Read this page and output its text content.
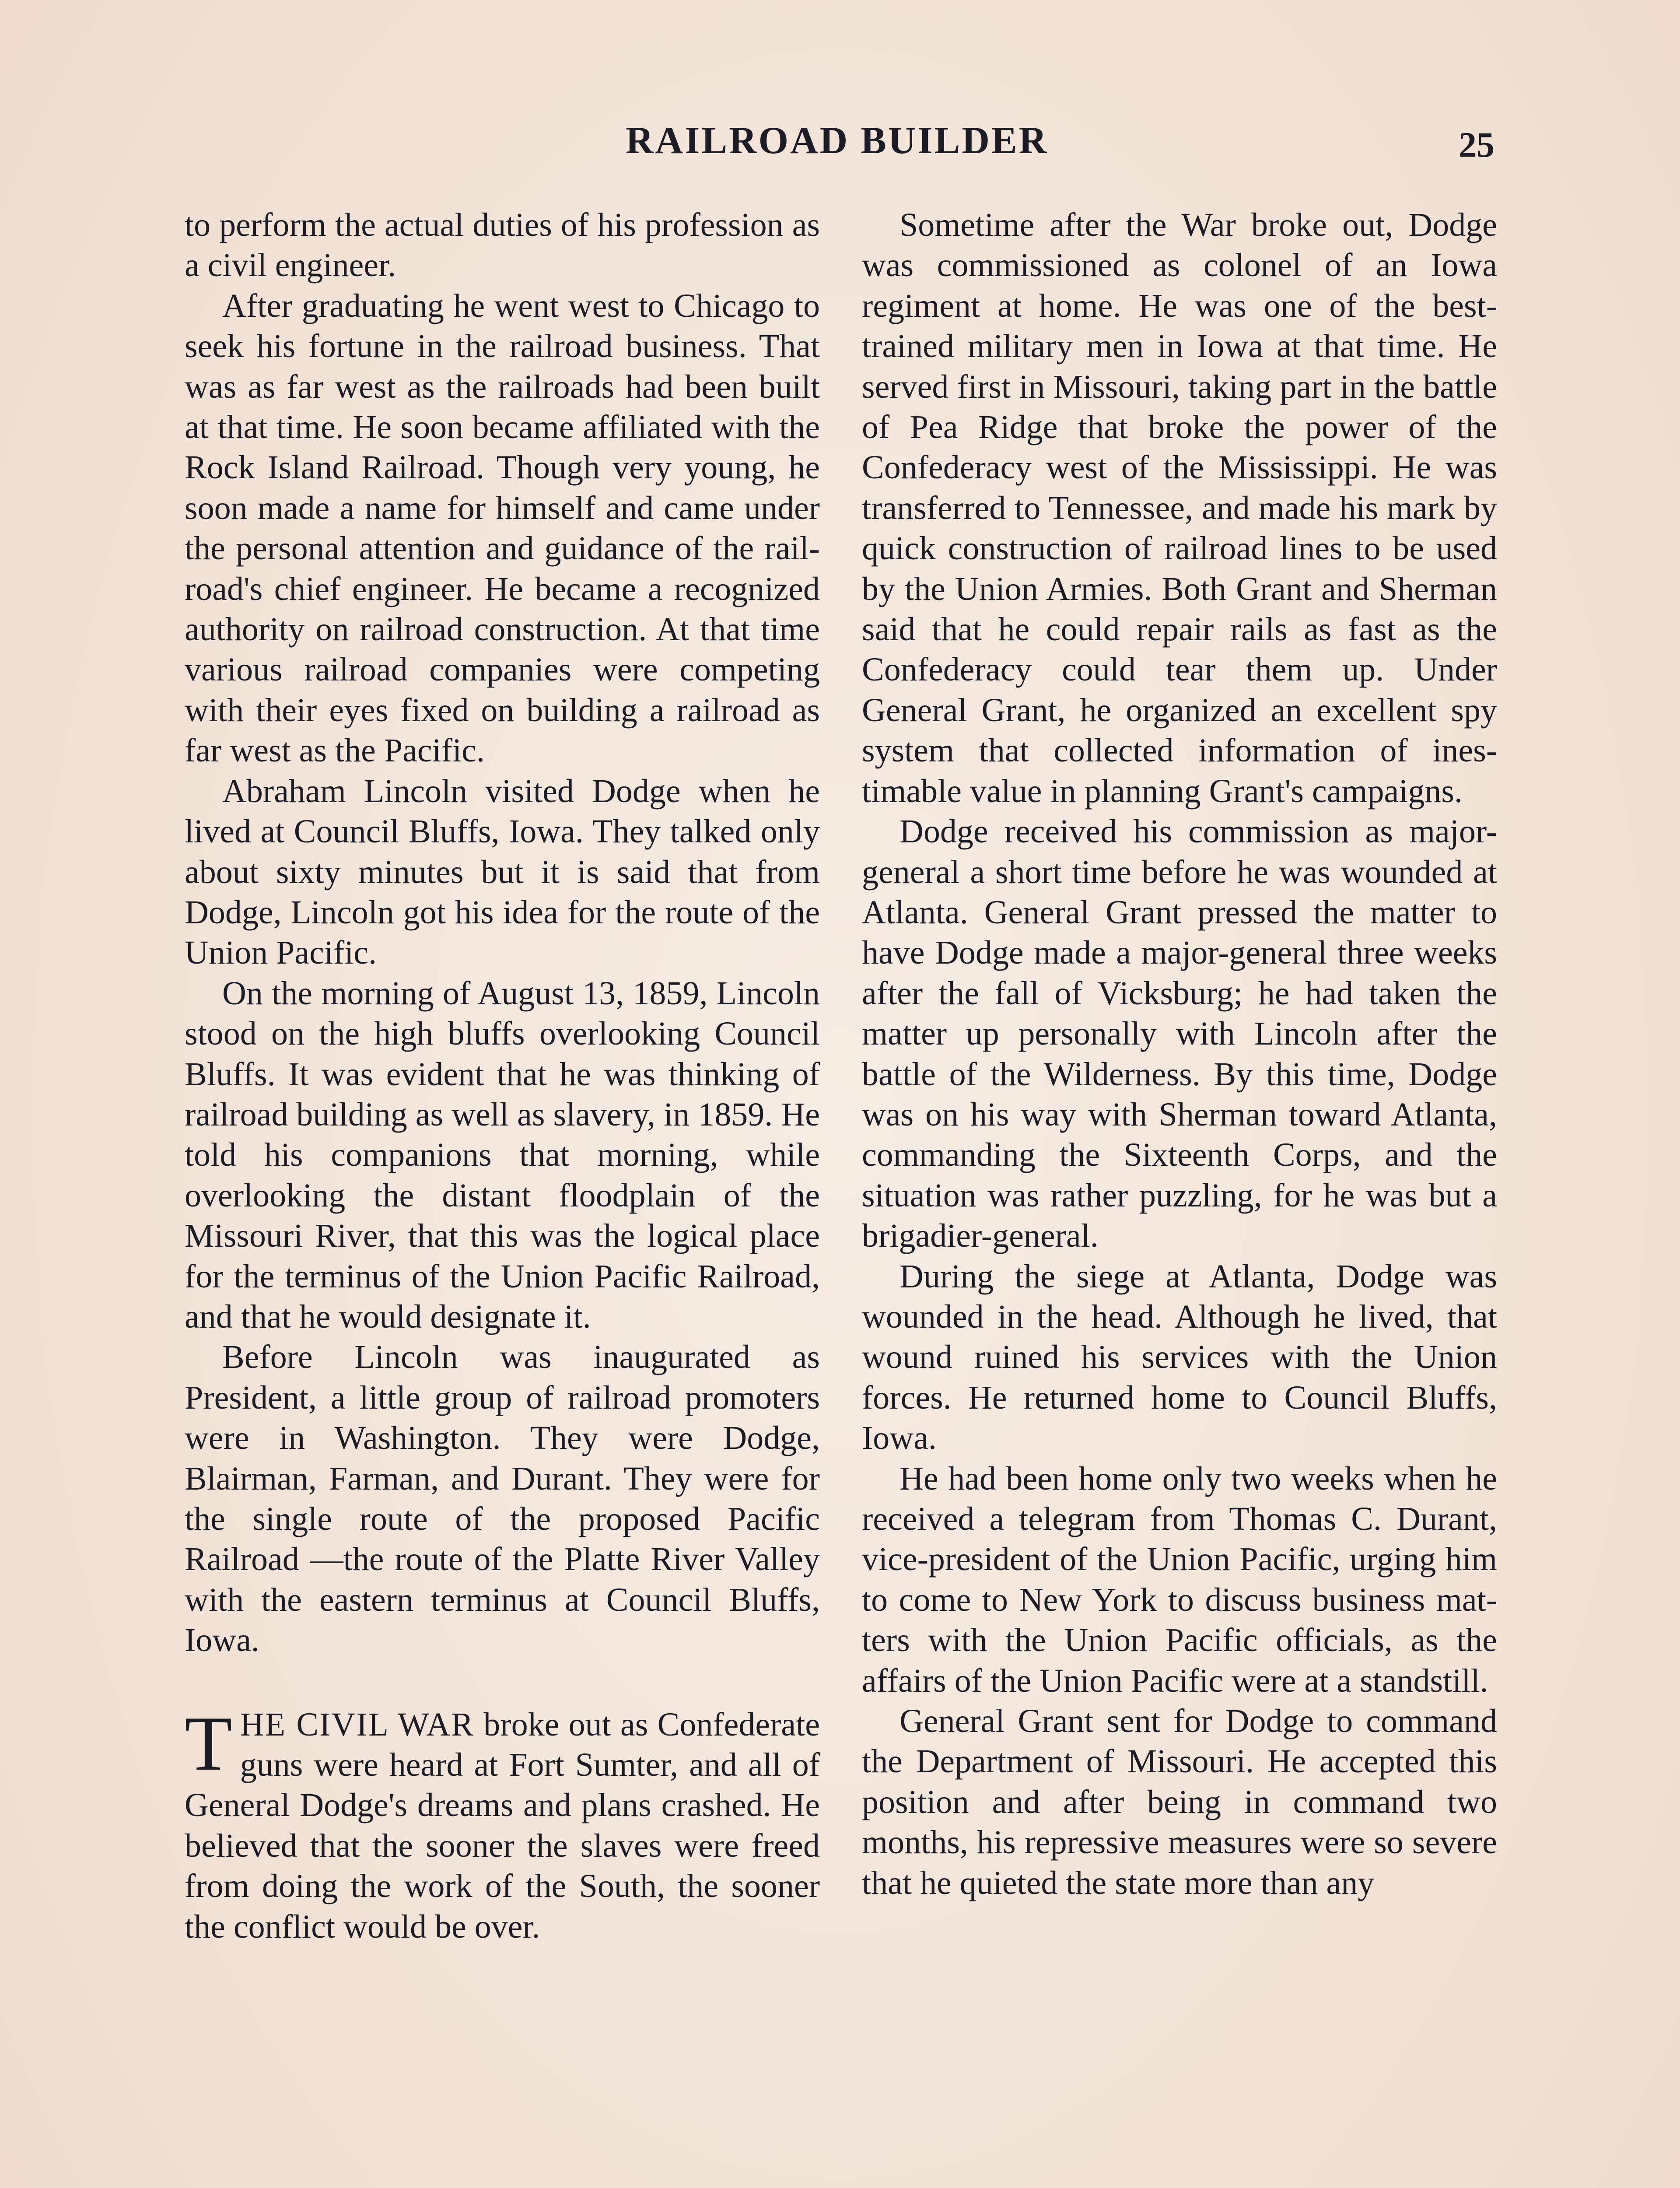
RAILROAD BUILDER	25

to perform the actual duties of his profession as a civil engineer.

After graduating he went west to Chicago to seek his fortune in the railroad business. That was as far west as the railroads had been built at that time. He soon became affiliated with the Rock Island Railroad. Though very young, he soon made a name for himself and came under the personal attention and guidance of the railroad's chief engineer. He became a recognized authority on railroad construction. At that time various railroad companies were competing with their eyes fixed on building a railroad as far west as the Pacific.

Abraham Lincoln visited Dodge when he lived at Council Bluffs, Iowa. They talked only about sixty minutes but it is said that from Dodge, Lincoln got his idea for the route of the Union Pacific.

On the morning of August 13, 1859, Lincoln stood on the high bluffs overlooking Council Bluffs. It was evident that he was thinking of railroad building as well as slavery, in 1859. He told his companions that morning, while overlooking the distant floodplain of the Missouri River, that this was the logical place for the terminus of the Union Pacific Railroad, and that he would designate it.

Before Lincoln was inaugurated as President, a little group of railroad promoters were in Washington. They were Dodge, Blairman, Farman, and Durant. They were for the single route of the proposed Pacific Railroad —the route of the Platte River Valley with the eastern terminus at Council Bluffs, Iowa.

THE CIVIL WAR broke out as Confederate guns were heard at Fort Sumter, and all of General Dodge's dreams and plans crashed. He believed that the sooner the slaves were freed from doing the work of the South, the sooner the conflict would be over.

Sometime after the War broke out, Dodge was commissioned as colonel of an Iowa regiment at home. He was one of the best-trained military men in Iowa at that time. He served first in Missouri, taking part in the battle of Pea Ridge that broke the power of the Confederacy west of the Mississippi. He was transferred to Tennessee, and made his mark by quick construction of railroad lines to be used by the Union Armies. Both Grant and Sherman said that he could repair rails as fast as the Confederacy could tear them up. Under General Grant, he organized an excellent spy system that collected information of inestimable value in planning Grant's campaigns.

Dodge received his commission as major-general a short time before he was wounded at Atlanta. General Grant pressed the matter to have Dodge made a major-general three weeks after the fall of Vicksburg; he had taken the matter up personally with Lincoln after the battle of the Wilderness. By this time, Dodge was on his way with Sherman toward Atlanta, commanding the Sixteenth Corps, and the situation was rather puzzling, for he was but a brigadier-general.

During the siege at Atlanta, Dodge was wounded in the head. Although he lived, that wound ruined his services with the Union forces. He returned home to Council Bluffs, Iowa.

He had been home only two weeks when he received a telegram from Thomas C. Durant, vice-president of the Union Pacific, urging him to come to New York to discuss business matters with the Union Pacific officials, as the affairs of the Union Pacific were at a standstill.

General Grant sent for Dodge to command the Department of Missouri. He accepted this position and after being in command two months, his repressive measures were so severe that he quieted the state more than any
